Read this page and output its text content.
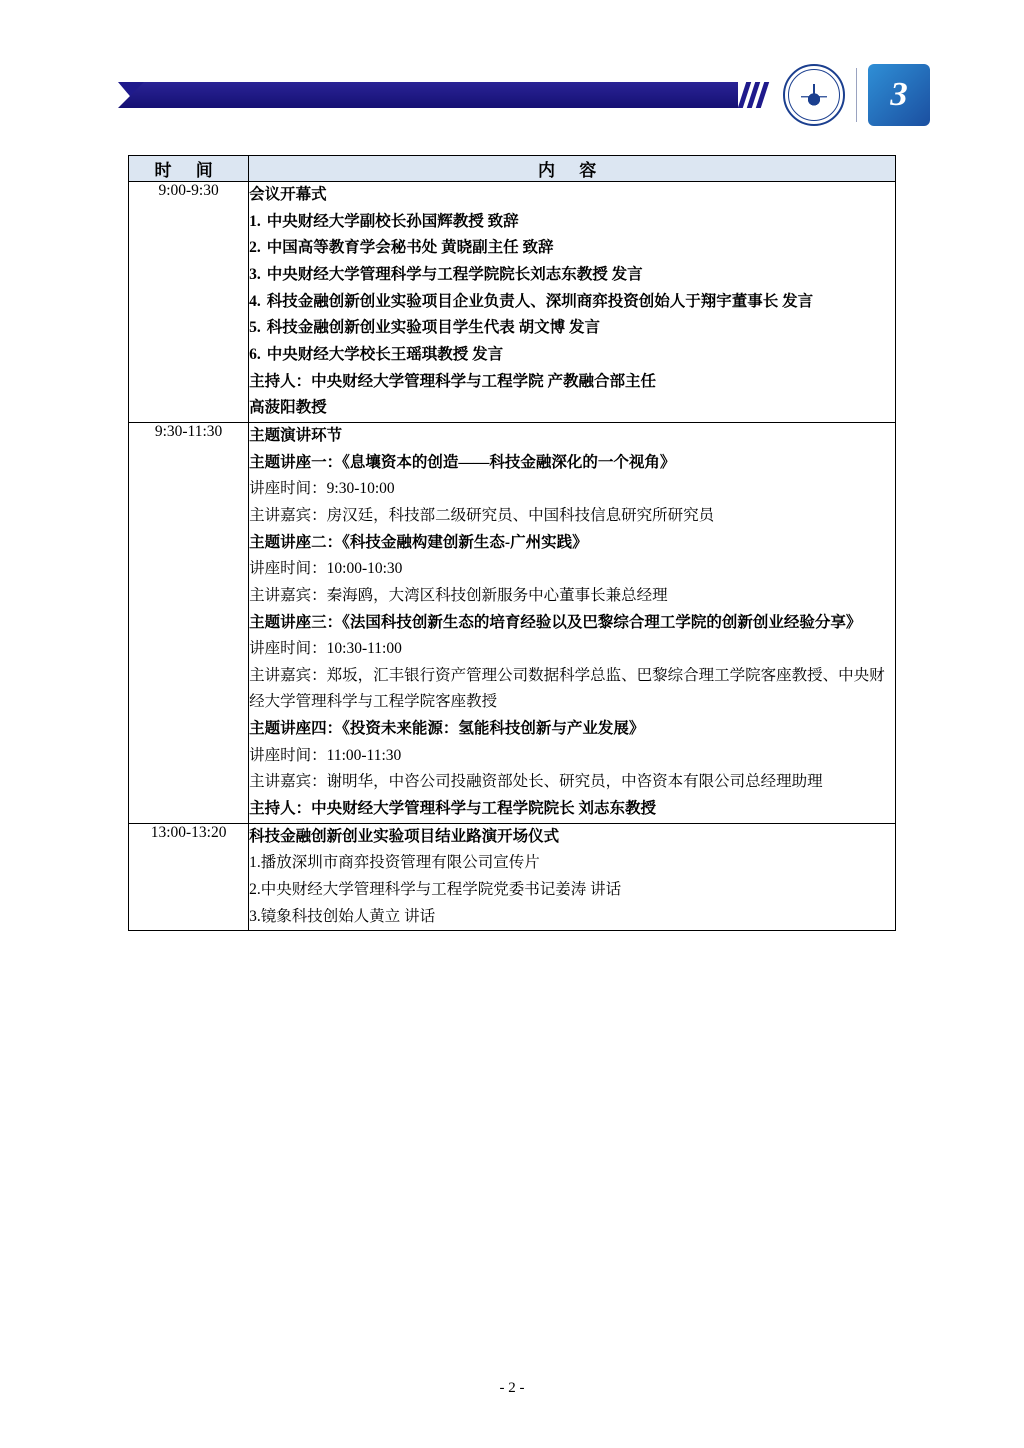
З
时 间	内 容
9:00-9:30	会议开幕式
1. 中央财经大学副校长孙国辉教授 致辞
2. 中国高等教育学会秘书处 黄晓副主任 致辞
3. 中央财经大学管理科学与工程学院院长刘志东教授 发言
4. 科技金融创新创业实验项目企业负责人、深圳商弈投资创始人于翔宇董事长 发言
5. 科技金融创新创业实验项目学生代表 胡文博 发言
6. 中央财经大学校长王瑶琪教授 发言
主持人：中央财经大学管理科学与工程学院 产教融合部主任
高菠阳教授

9:30-11:30	主题演讲环节
主题讲座一：《息壤资本的创造——科技金融深化的一个视角》
讲座时间：9:30-10:00
主讲嘉宾：房汉廷，科技部二级研究员、中国科技信息研究所研究员
主题讲座二：《科技金融构建创新生态-广州实践》
讲座时间：10:00-10:30
主讲嘉宾：秦海鸥，大湾区科技创新服务中心董事长兼总经理
主题讲座三：《法国科技创新生态的培育经验以及巴黎综合理工学院的创新创业经验分享》
讲座时间：10:30-11:00
主讲嘉宾：郑坂，汇丰银行资产管理公司数据科学总监、巴黎综合理工学院客座教授、中央财经大学管理科学与工程学院客座教授
主题讲座四：《投资未来能源：氢能科技创新与产业发展》
讲座时间：11:00-11:30
主讲嘉宾：谢明华，中咨公司投融资部处长、研究员，中咨资本有限公司总经理助理
主持人：中央财经大学管理科学与工程学院院长 刘志东教授

13:00-13:20	科技金融创新创业实验项目结业路演开场仪式
1.播放深圳市商弈投资管理有限公司宣传片
2.中央财经大学管理科学与工程学院党委书记姜涛 讲话
3.镜象科技创始人黄立 讲话
- 2 -
